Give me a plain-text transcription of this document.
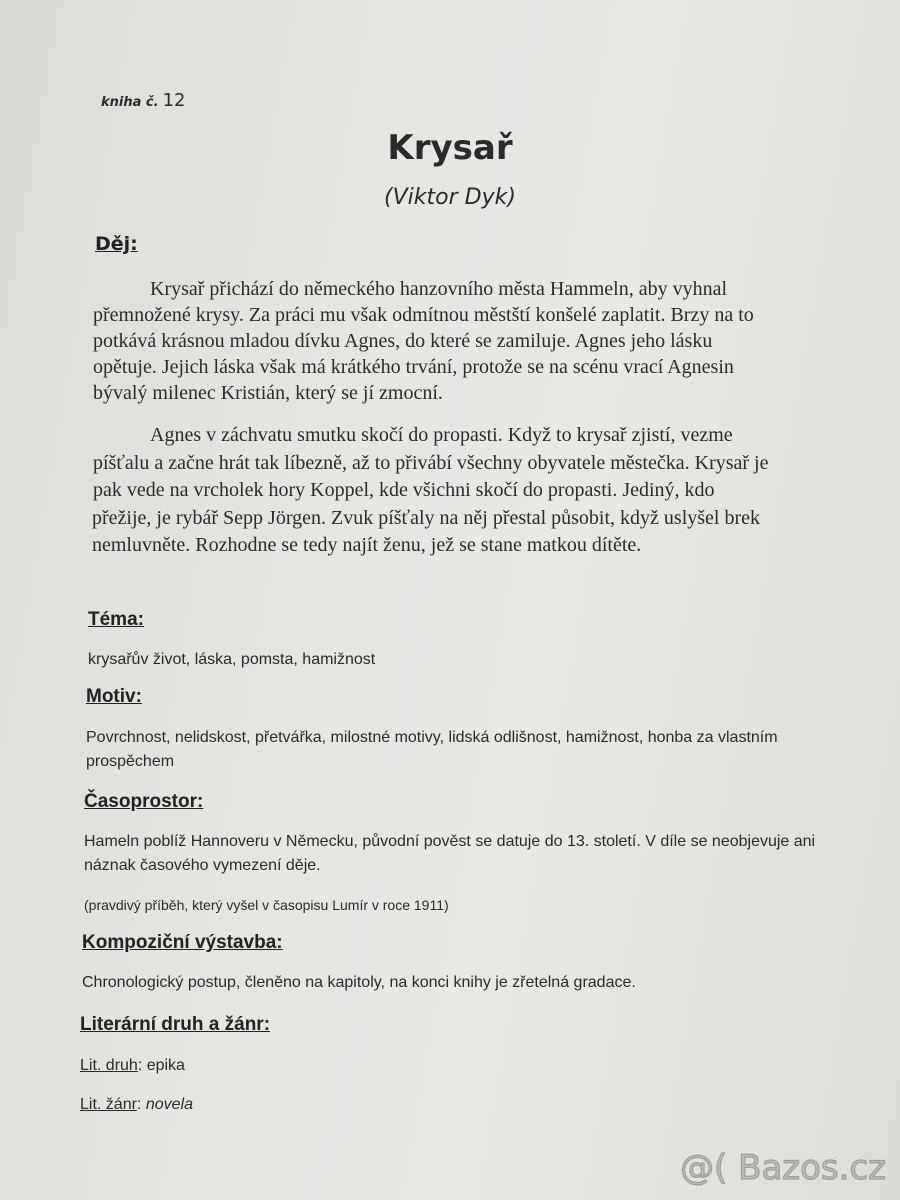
kniha č. 12
Krysař
(Viktor Dyk)
Děj:
Krysař přichází do německého hanzovního města Hammeln, aby vyhnal
přemnožené krysy. Za práci mu však odmítnou městští konšelé zaplatit. Brzy na to
potkává krásnou mladou dívku Agnes, do které se zamiluje. Agnes jeho lásku
opětuje. Jejich láska však má krátkého trvání, protože se na scénu vrací Agnesin
bývalý milenec Kristián, který se jí zmocní.
Agnes v záchvatu smutku skočí do propasti. Když to krysař zjistí, vezme
píšťalu a začne hrát tak líbezně, až to přivábí všechny obyvatele městečka. Krysař je
pak vede na vrcholek hory Koppel, kde všichni skočí do propasti. Jediný, kdo
přežije, je rybář Sepp Jörgen. Zvuk píšťaly na něj přestal působit, když uslyšel brek
nemluvněte. Rozhodne se tedy najít ženu, jež se stane matkou dítěte.
Téma:
krysařův život, láska, pomsta, hamižnost
Motiv:
Povrchnost, nelidskost, přetvářka, milostné motivy, lidská odlišnost, hamižnost, honba za vlastním
prospěchem
Časoprostor:
Hameln poblíž Hannoveru v Německu, původní pověst se datuje do 13. století. V díle se neobjevuje ani
náznak časového vymezení děje.
(pravdivý příběh, který vyšel v časopisu Lumír v roce 1911)
Kompoziční výstavba:
Chronologický postup, členěno na kapitoly, na konci knihy je zřetelná gradace.
Literární druh a žánr:
Lit. druh: epika
Lit. žánr: novela
@( Bazos.cz
